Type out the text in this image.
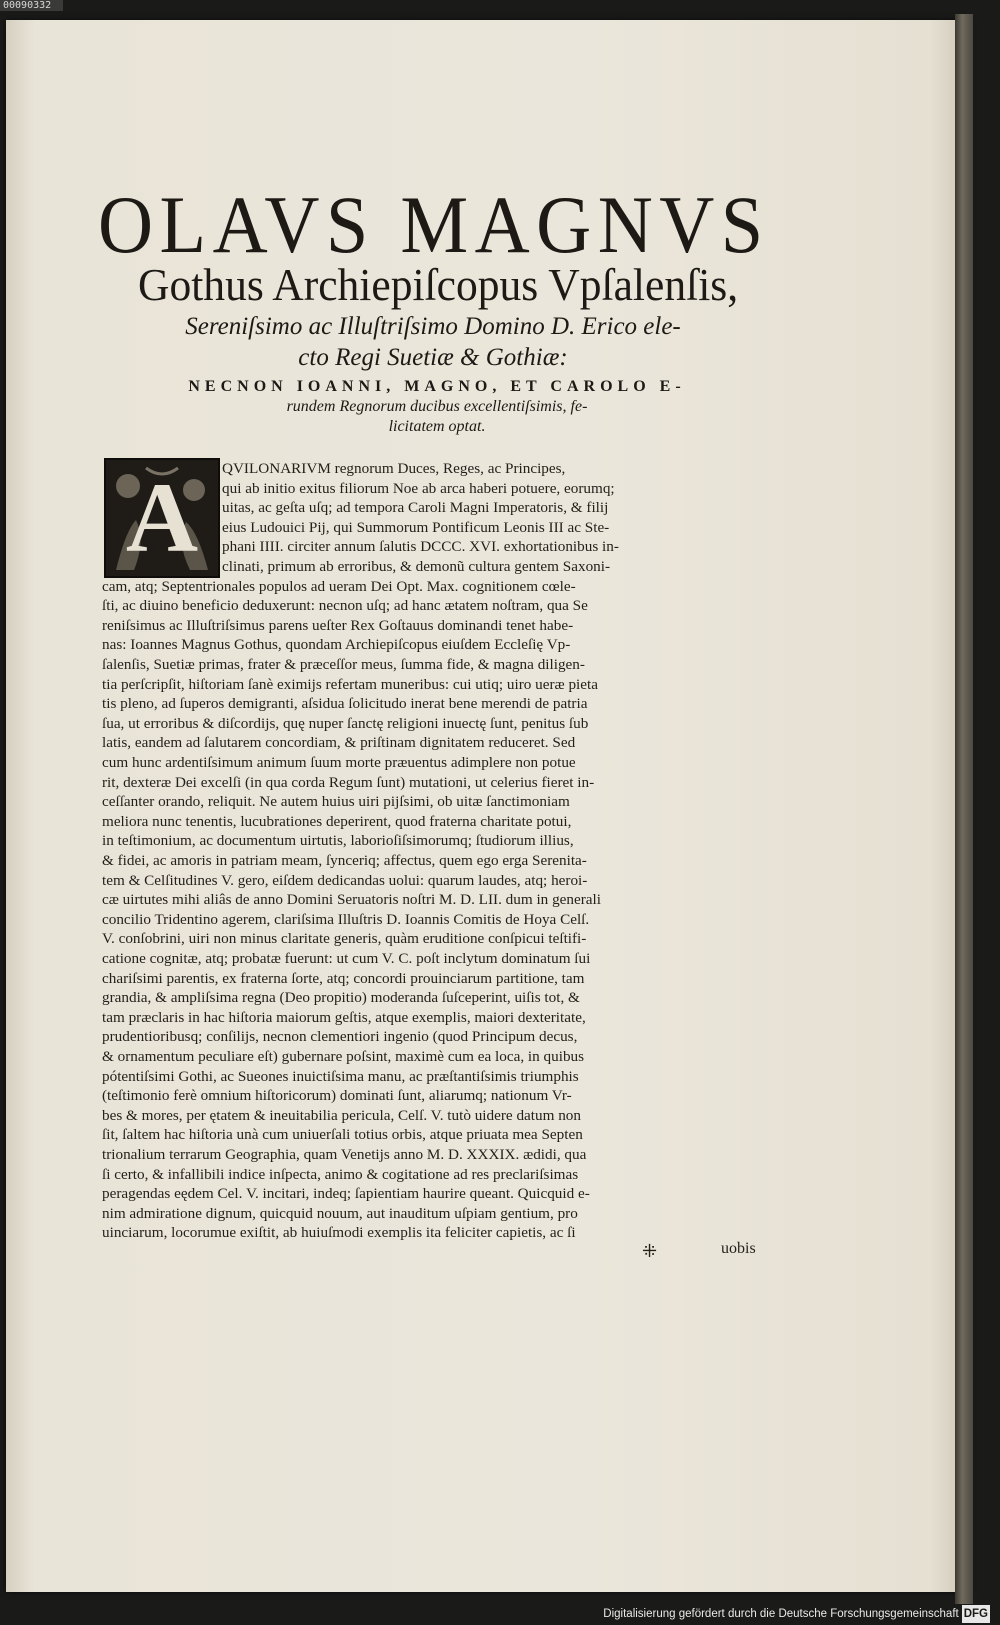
00090332
OLAVS MAGNVS
Gothus Archiepiſcopus Vpſalenſis,
Sereniſsimo ac Illuſtriſsimo Domino D. Erico ele-
cto Regi Suetiæ & Gothiæ:
NECNON IOANNI, MAGNO, ET CAROLO E-
rundem Regnorum ducibus excellentiſsimis, fe-
licitatem optat.
A	QVILONARIVM regnorum Duces, Reges, ac Principes,
qui ab initio exitus filiorum Noe ab arca haberi potuere, eorumq;
uitas, ac geſta uſq; ad tempora Caroli Magni Imperatoris, & filij
eius Ludouici Pij, qui Summorum Pontificum Leonis III ac Ste-
phani IIII. circiter annum ſalutis DCCC. XVI. exhortationibus in-
clinati, primum ab erroribus, & demonũ cultura gentem Saxoni-
cam, atq; Septentrionales populos ad ueram Dei Opt. Max. cognitionem cœle-
ſti, ac diuino beneficio deduxerunt: necnon uſq; ad hanc ætatem noſtram, qua Se
reniſsimus ac Illuſtriſsimus parens ueſter Rex Goſtauus dominandi tenet habe-
nas: Ioannes Magnus Gothus, quondam Archiepiſcopus eiuſdem Eccleſię Vp-
ſalenſis, Suetiæ primas, frater & præceſſor meus, ſumma fide, & magna diligen-
tia perſcripſit, hiſtoriam ſanè eximijs refertam muneribus: cui utiq; uiro ueræ pieta
tis pleno, ad ſuperos demigranti, aſsidua ſolicitudo inerat bene merendi de patria
ſua, ut erroribus & diſcordijs, quę nuper ſanctę religioni inuectę ſunt, penitus ſub
latis, eandem ad ſalutarem concordiam, & priſtinam dignitatem reduceret. Sed
cum hunc ardentiſsimum animum ſuum morte præuentus adimplere non potue
rit, dexteræ Dei excelſi (in qua corda Regum ſunt) mutationi, ut celerius fieret in-
ceſſanter orando, reliquit. Ne autem huius uiri pijſsimi, ob uitæ ſanctimoniam
meliora nunc tenentis, lucubrationes deperirent, quod fraterna charitate potui,
in teſtimonium, ac documentum uirtutis, laborioſiſsimorumq; ſtudiorum illius,
& fidei, ac amoris in patriam meam, ſynceriq; affectus, quem ego erga Serenita-
tem & Celſitudines V. gero, eiſdem dedicandas uolui: quarum laudes, atq; heroi-
cæ uirtutes mihi aliâs de anno Domini Seruatoris noſtri M. D. LII. dum in generali
concilio Tridentino agerem, clariſsima Illuſtris D. Ioannis Comitis de Hoya Celſ.
V. conſobrini, uiri non minus claritate generis, quàm eruditione conſpicui teſtifi-
catione cognitæ, atq; probatæ fuerunt: ut cum V. C. poſt inclytum dominatum ſui
chariſsimi parentis, ex fraterna ſorte, atq; concordi prouinciarum partitione, tam
grandia, & ampliſsima regna (Deo propitio) moderanda ſuſceperint, uiſis tot, &
tam præclaris in hac hiſtoria maiorum geſtis, atque exemplis, maiori dexteritate,
prudentioribusq; conſilijs, necnon clementiori ingenio (quod Principum decus,
& ornamentum peculiare eſt) gubernare poſsint, maximè cum ea loca, in quibus
pótentiſsimi Gothi, ac Sueones inuictiſsima manu, ac præſtantiſsimis triumphis
(teſtimonio ferè omnium hiſtoricorum) dominati ſunt, aliarumq; nationum Vr-
bes & mores, per ętatem & ineuitabilia pericula, Celſ. V. tutò uidere datum non
ſit, ſaltem hac hiſtoria unà cum uniuerſali totius orbis, atque priuata mea Septen
trionalium terrarum Geographia, quam Venetijs anno M. D. XXXIX. ædidi, qua
ſi certo, & infallibili indice inſpecta, animo & cogitatione ad res preclariſsimas
peragendas eędem Cel. V. incitari, indeq; ſapientiam haurire queant. Quicquid e-
nim admiratione dignum, quicquid nouum, aut inauditum uſpiam gentium, pro
uinciarum, locorumue exiſtit, ab huiuſmodi exemplis ita feliciter capietis, ac ſi
⁜	uobis
Digitalisierung gefördert durch die Deutsche Forschungsgemeinschaft DFG
